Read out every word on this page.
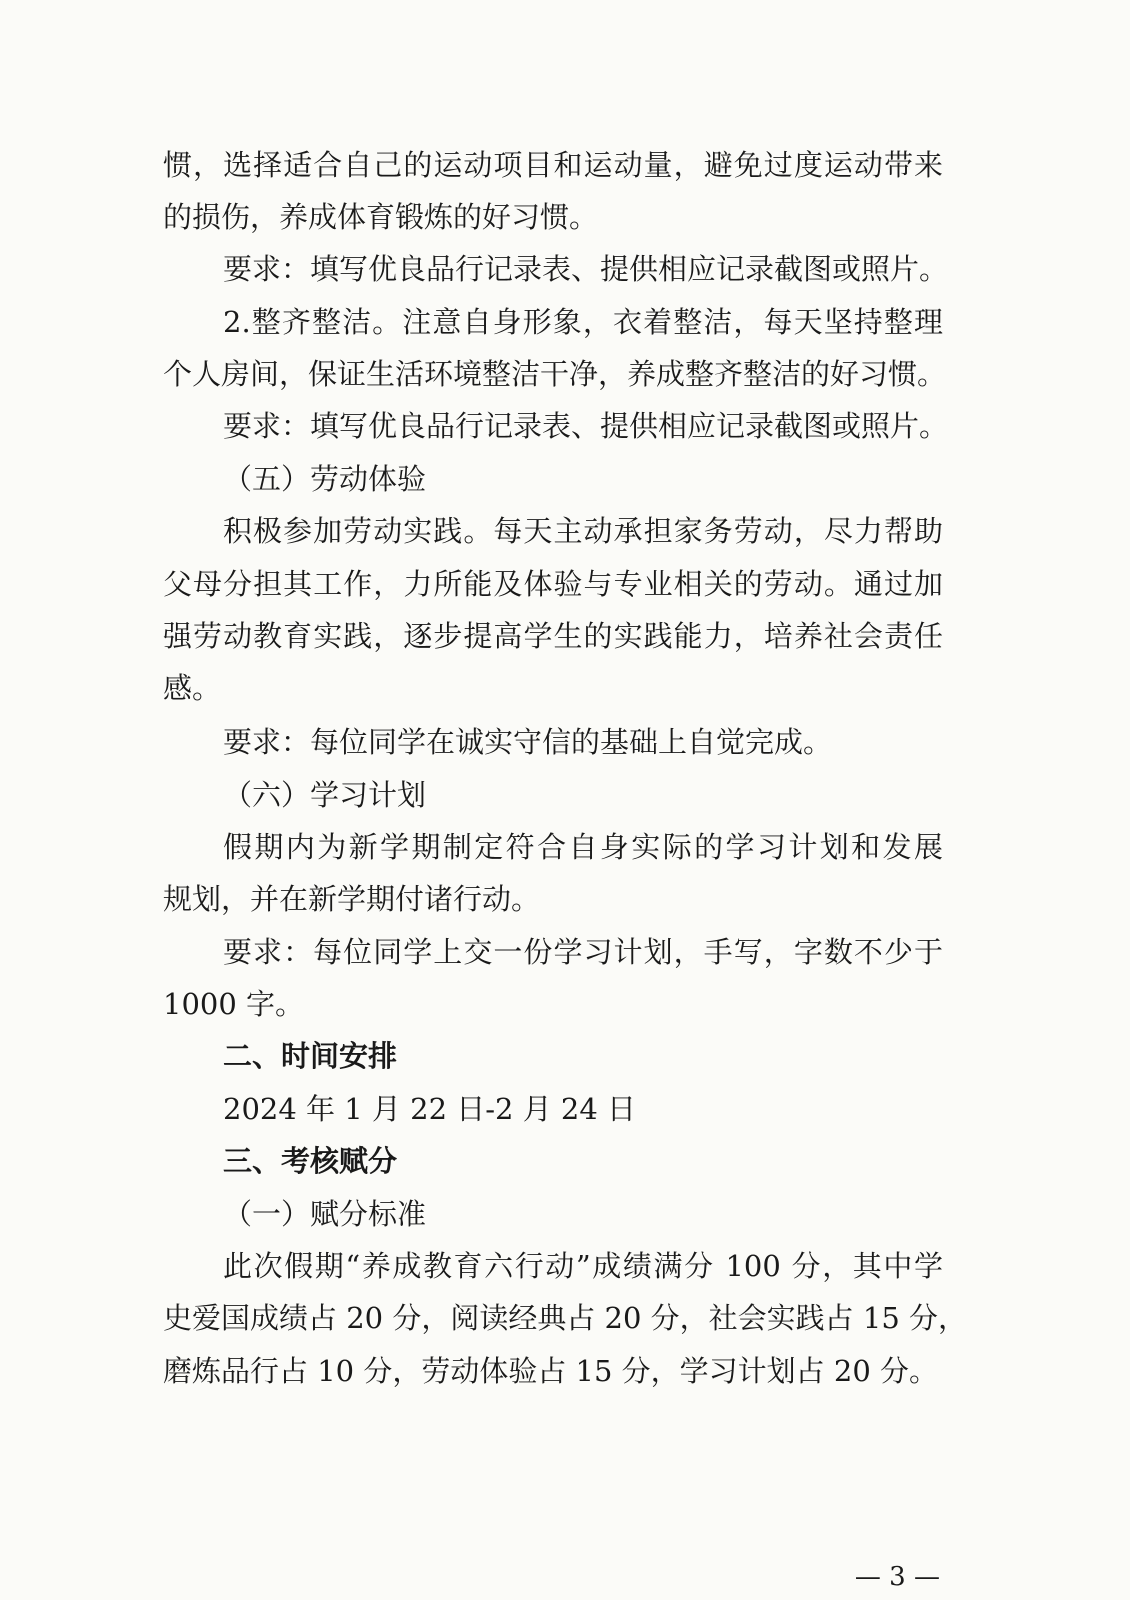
惯，选择适合自己的运动项目和运动量，避免过度运动带来
的损伤，养成体育锻炼的好习惯。
要求：填写优良品行记录表、提供相应记录截图或照片。
2.整齐整洁。注意自身形象，衣着整洁，每天坚持整理
个人房间，保证生活环境整洁干净，养成整齐整洁的好习惯。
要求：填写优良品行记录表、提供相应记录截图或照片。
（五）劳动体验
积极参加劳动实践。每天主动承担家务劳动，尽力帮助
父母分担其工作，力所能及体验与专业相关的劳动。通过加
强劳动教育实践，逐步提高学生的实践能力，培养社会责任
感。
要求：每位同学在诚实守信的基础上自觉完成。
（六）学习计划
假期内为新学期制定符合自身实际的学习计划和发展
规划，并在新学期付诸行动。
要求：每位同学上交一份学习计划，手写，字数不少于
1000 字。
二、时间安排
2024 年 1 月 22 日-2 月 24 日
三、考核赋分
（一）赋分标准
此次假期“养成教育六行动”成绩满分 100 分，其中学
史爱国成绩占 20 分，阅读经典占 20 分，社会实践占 15 分，
磨炼品行占 10 分，劳动体验占 15 分，学习计划占 20 分。
— 3 —
